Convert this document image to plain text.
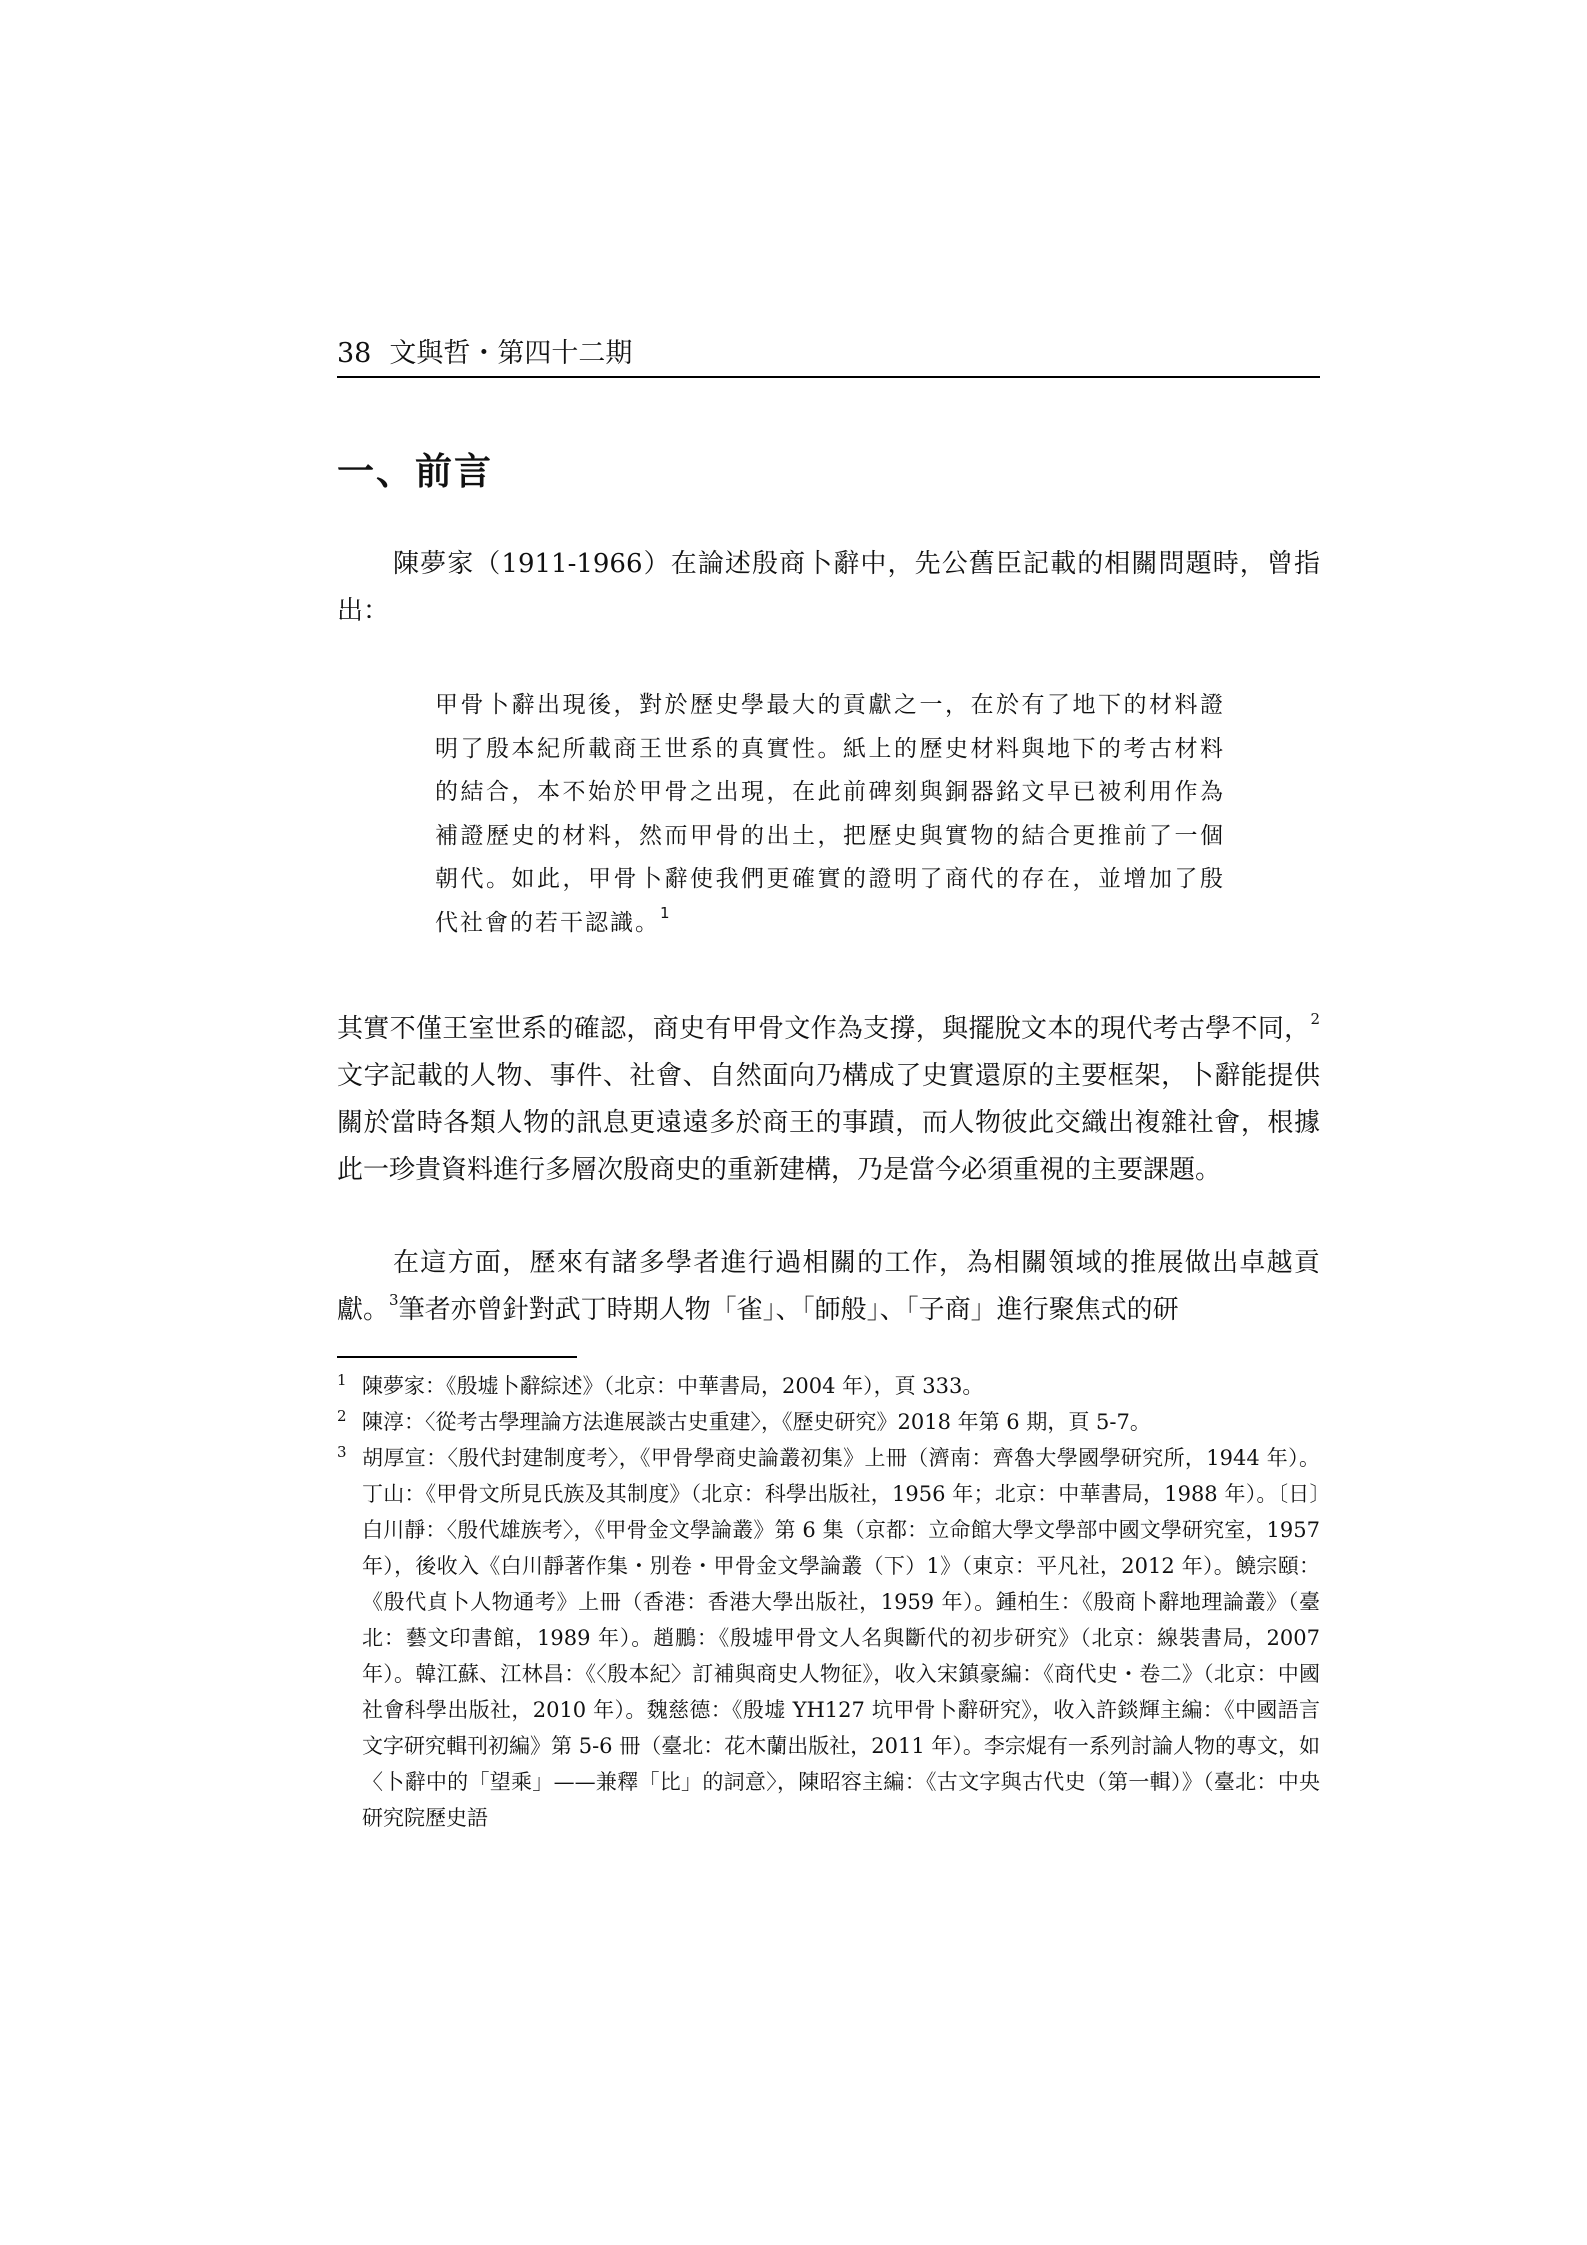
38 文與哲・第四十二期
一、前言

陳夢家（1911-1966）在論述殷商卜辭中，先公舊臣記載的相關問題時，曾指出：

甲骨卜辭出現後，對於歷史學最大的貢獻之一，在於有了地下的材料證明了殷本紀所載商王世系的真實性。紙上的歷史材料與地下的考古材料的結合，本不始於甲骨之出現，在此前碑刻與銅器銘文早已被利用作為補證歷史的材料，然而甲骨的出土，把歷史與實物的結合更推前了一個朝代。如此，甲骨卜辭使我們更確實的證明了商代的存在，並增加了殷代社會的若干認識。$^1$

其實不僅王室世系的確認，商史有甲骨文作為支撐，與擺脫文本的現代考古學不同，$^2$文字記載的人物、事件、社會、自然面向乃構成了史實還原的主要框架，卜辭能提供關於當時各類人物的訊息更遠遠多於商王的事蹟，而人物彼此交織出複雜社會，根據此一珍貴資料進行多層次殷商史的重新建構，乃是當今必須重視的主要課題。

在這方面，歷來有諸多學者進行過相關的工作，為相關領域的推展做出卓越貢獻。$^3$筆者亦曾針對武丁時期人物「雀」、「師般」、「子商」進行聚焦式的研

1 陳夢家：《殷墟卜辭綜述》（北京：中華書局，2004 年），頁 333。
2 陳淳：〈從考古學理論方法進展談古史重建〉，《歷史研究》2018 年第 6 期，頁 5-7。
3 胡厚宣：〈殷代封建制度考〉，《甲骨學商史論叢初集》上冊（濟南：齊魯大學國學研究所，1944 年）。丁山：《甲骨文所見氏族及其制度》（北京：科學出版社，1956 年；北京：中華書局，1988 年）。〔日〕白川靜：〈殷代雄族考〉，《甲骨金文學論叢》第 6 集（京都：立命館大學文學部中國文學研究室，1957 年），後收入《白川靜著作集・別卷・甲骨金文學論叢（下）1》（東京：平凡社，2012 年）。饒宗頤：《殷代貞卜人物通考》上冊（香港：香港大學出版社，1959 年）。鍾柏生：《殷商卜辭地理論叢》（臺北：藝文印書館，1989 年）。趙鵬：《殷墟甲骨文人名與斷代的初步研究》（北京：線裝書局，2007 年）。韓江蘇、江林昌：《〈殷本紀〉訂補與商史人物征》，收入宋鎮豪編：《商代史・卷二》（北京：中國社會科學出版社，2010 年）。魏慈德：《殷墟 YH127 坑甲骨卜辭研究》，收入許錟輝主編：《中國語言文字研究輯刊初編》第 5-6 冊（臺北：花木蘭出版社，2011 年）。李宗焜有一系列討論人物的專文，如〈卜辭中的「望乘」——兼釋「比」的詞意〉，陳昭容主編：《古文字與古代史（第一輯）》（臺北：中央研究院歷史語
